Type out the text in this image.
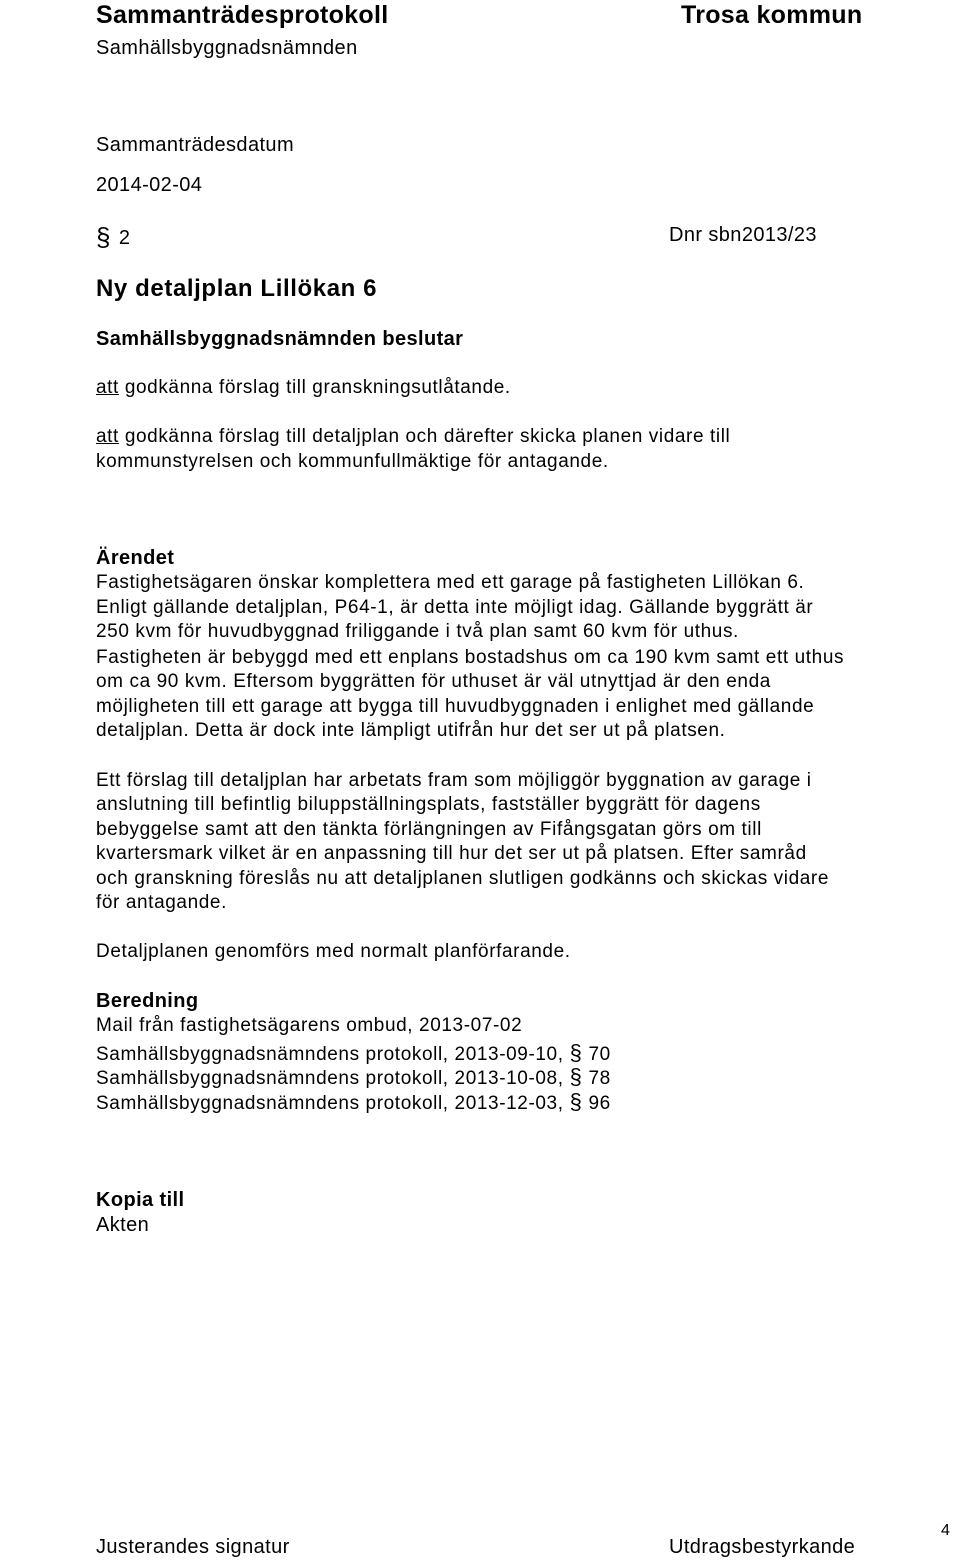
Sammanträdesprotokoll	Trosa kommun
Samhällsbyggnadsnämnden
Sammanträdesdatum
2014-02-04
§ 2	Dnr sbn2013/23
Ny detaljplan Lillökan 6
Samhällsbyggnadsnämnden beslutar
att godkänna förslag till granskningsutlåtande.
att godkänna förslag till detaljplan och därefter skicka planen vidare till
kommunstyrelsen och kommunfullmäktige för antagande.
Ärendet
Fastighetsägaren önskar komplettera med ett garage på fastigheten Lillökan 6.
Enligt gällande detaljplan, P64-1, är detta inte möjligt idag. Gällande byggrätt är
250 kvm för huvudbyggnad friliggande i två plan samt 60 kvm för uthus.
Fastigheten är bebyggd med ett enplans bostadshus om ca 190 kvm samt ett uthus
om ca 90 kvm. Eftersom byggrätten för uthuset är väl utnyttjad är den enda
möjligheten till ett garage att bygga till huvudbyggnaden i enlighet med gällande
detaljplan. Detta är dock inte lämpligt utifrån hur det ser ut på platsen.
Ett förslag till detaljplan har arbetats fram som möjliggör byggnation av garage i
anslutning till befintlig biluppställningsplats, fastställer byggrätt för dagens
bebyggelse samt att den tänkta förlängningen av Fifångsgatan görs om till
kvartersmark vilket är en anpassning till hur det ser ut på platsen. Efter samråd
och granskning föreslås nu att detaljplanen slutligen godkänns och skickas vidare
för antagande.
Detaljplanen genomförs med normalt planförfarande.
Beredning
Mail från fastighetsägarens ombud, 2013-07-02
Samhällsbyggnadsnämndens protokoll, 2013-09-10, § 70
Samhällsbyggnadsnämndens protokoll, 2013-10-08, § 78
Samhällsbyggnadsnämndens protokoll, 2013-12-03, § 96
Kopia till
Akten
Justerandes signatur	Utdragsbestyrkande
4
